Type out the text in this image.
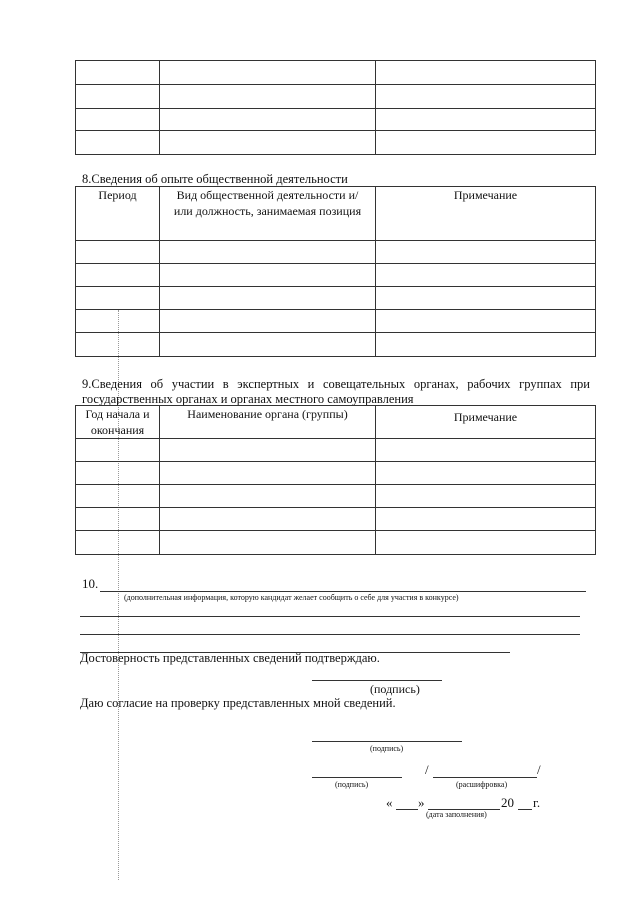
8.Сведения об опыте общественной деятельности
Период	Вид общественной деятельности и/или должность, занимаемая позиция	Примечание

9.Сведения об участии в экспертных и совещательных органах, рабочих группах при государственных органах и органах местного самоуправления
Год начала и окончания	Наименование органа (группы)	Примечание

10.
(дополнительная информация, которую кандидат желает сообщить о себе для участия в конкурсе)
Достоверность представленных сведений подтверждаю.
(подпись)
Даю согласие на проверку представленных мной сведений.
(подпись)
/	/
(подпись)	(расшифровка)
« »	20 г.
(дата заполнения)
